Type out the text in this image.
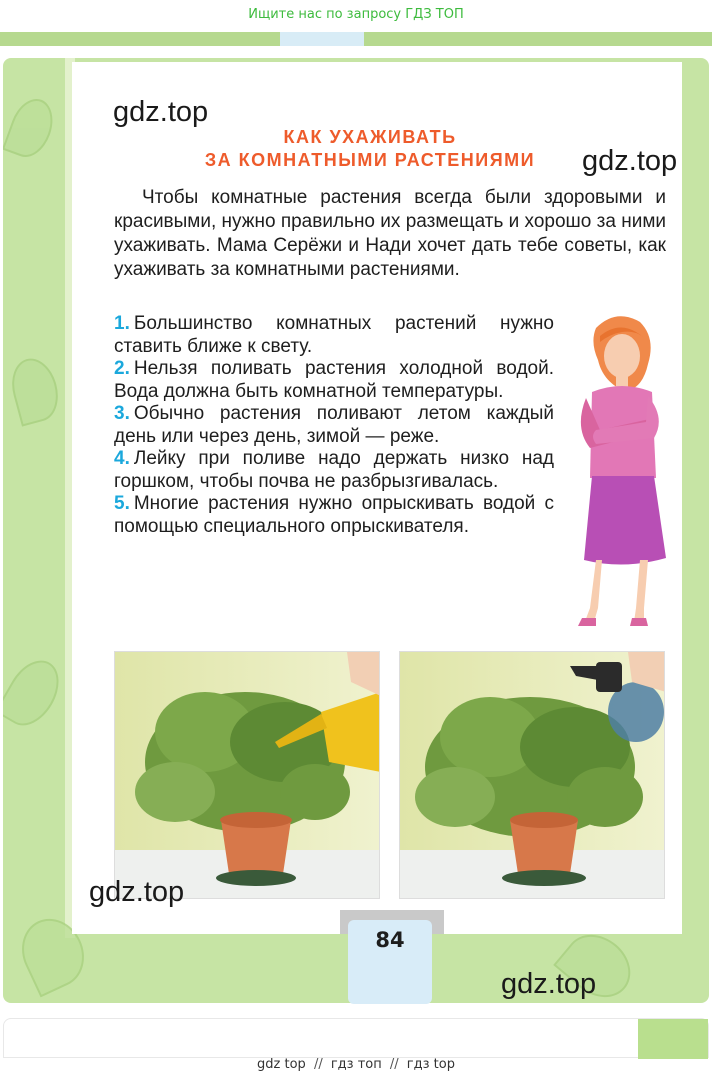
Ищите нас по запросу ГДЗ ТОП
gdz.top
gdz.top
КАК УХАЖИВАТЬ
ЗА КОМНАТНЫМИ РАСТЕНИЯМИ

Чтобы комнатные растения всегда были здоровыми и красивыми, нужно правильно их размещать и хорошо за ними ухаживать. Мама Серёжи и Нади хочет дать тебе советы, как ухаживать за комнатными растениями.

1. Большинство комнатных растений нужно ставить ближе к свету.

2. Нельзя поливать растения холодной водой. Вода должна быть комнатной температуры.

3. Обычно растения поливают летом каждый день или через день, зимой — реже.

4. Лейку при поливе надо держать низко над горшком, чтобы почва не разбрызгивалась.

5. Многие растения нужно опрыскивать водой с помощью специального опрыскивателя.

gdz.top
84
gdz.top
gdz top // гдз топ // гдз top
